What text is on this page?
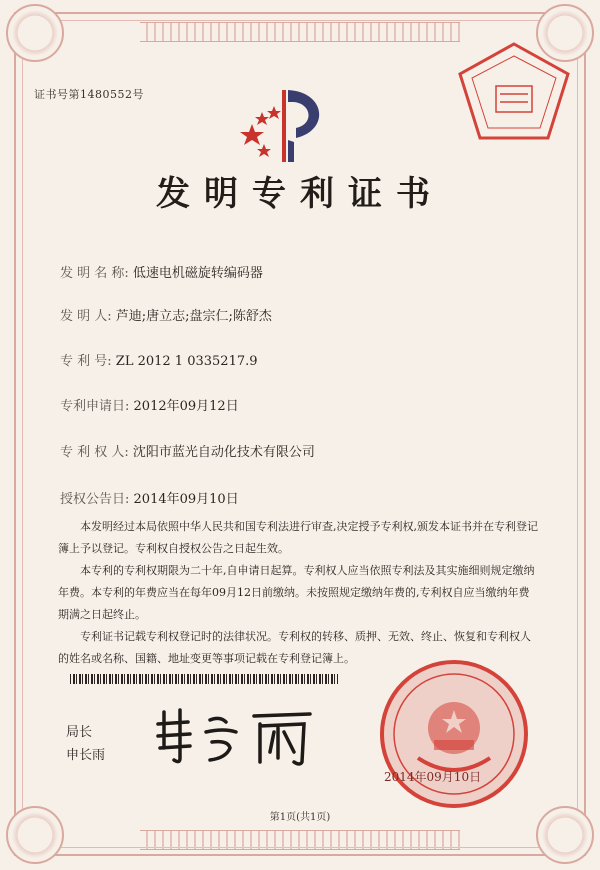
证书号第1480552号
发明专利证书
发 明 名 称: 低速电机磁旋转编码器
发 明 人: 芦迪;唐立志;盘宗仁;陈舒杰
专 利 号: ZL 2012 1 0335217.9
专利申请日: 2012年09月12日
专 利 权 人: 沈阳市蓝光自动化技术有限公司
授权公告日: 2014年09月10日

本发明经过本局依照中华人民共和国专利法进行审查,决定授予专利权,颁发本证书并在专利登记簿上予以登记。专利权自授权公告之日起生效。

本专利的专利权期限为二十年,自申请日起算。专利权人应当依照专利法及其实施细则规定缴纳年费。本专利的年费应当在每年09月12日前缴纳。未按照规定缴纳年费的,专利权自应当缴纳年费期满之日起终止。

专利证书记载专利权登记时的法律状况。专利权的转移、质押、无效、终止、恢复和专利权人的姓名或名称、国籍、地址变更等事项记载在专利登记簿上。

局长
申长雨
2014年09月10日
第1页(共1页)
